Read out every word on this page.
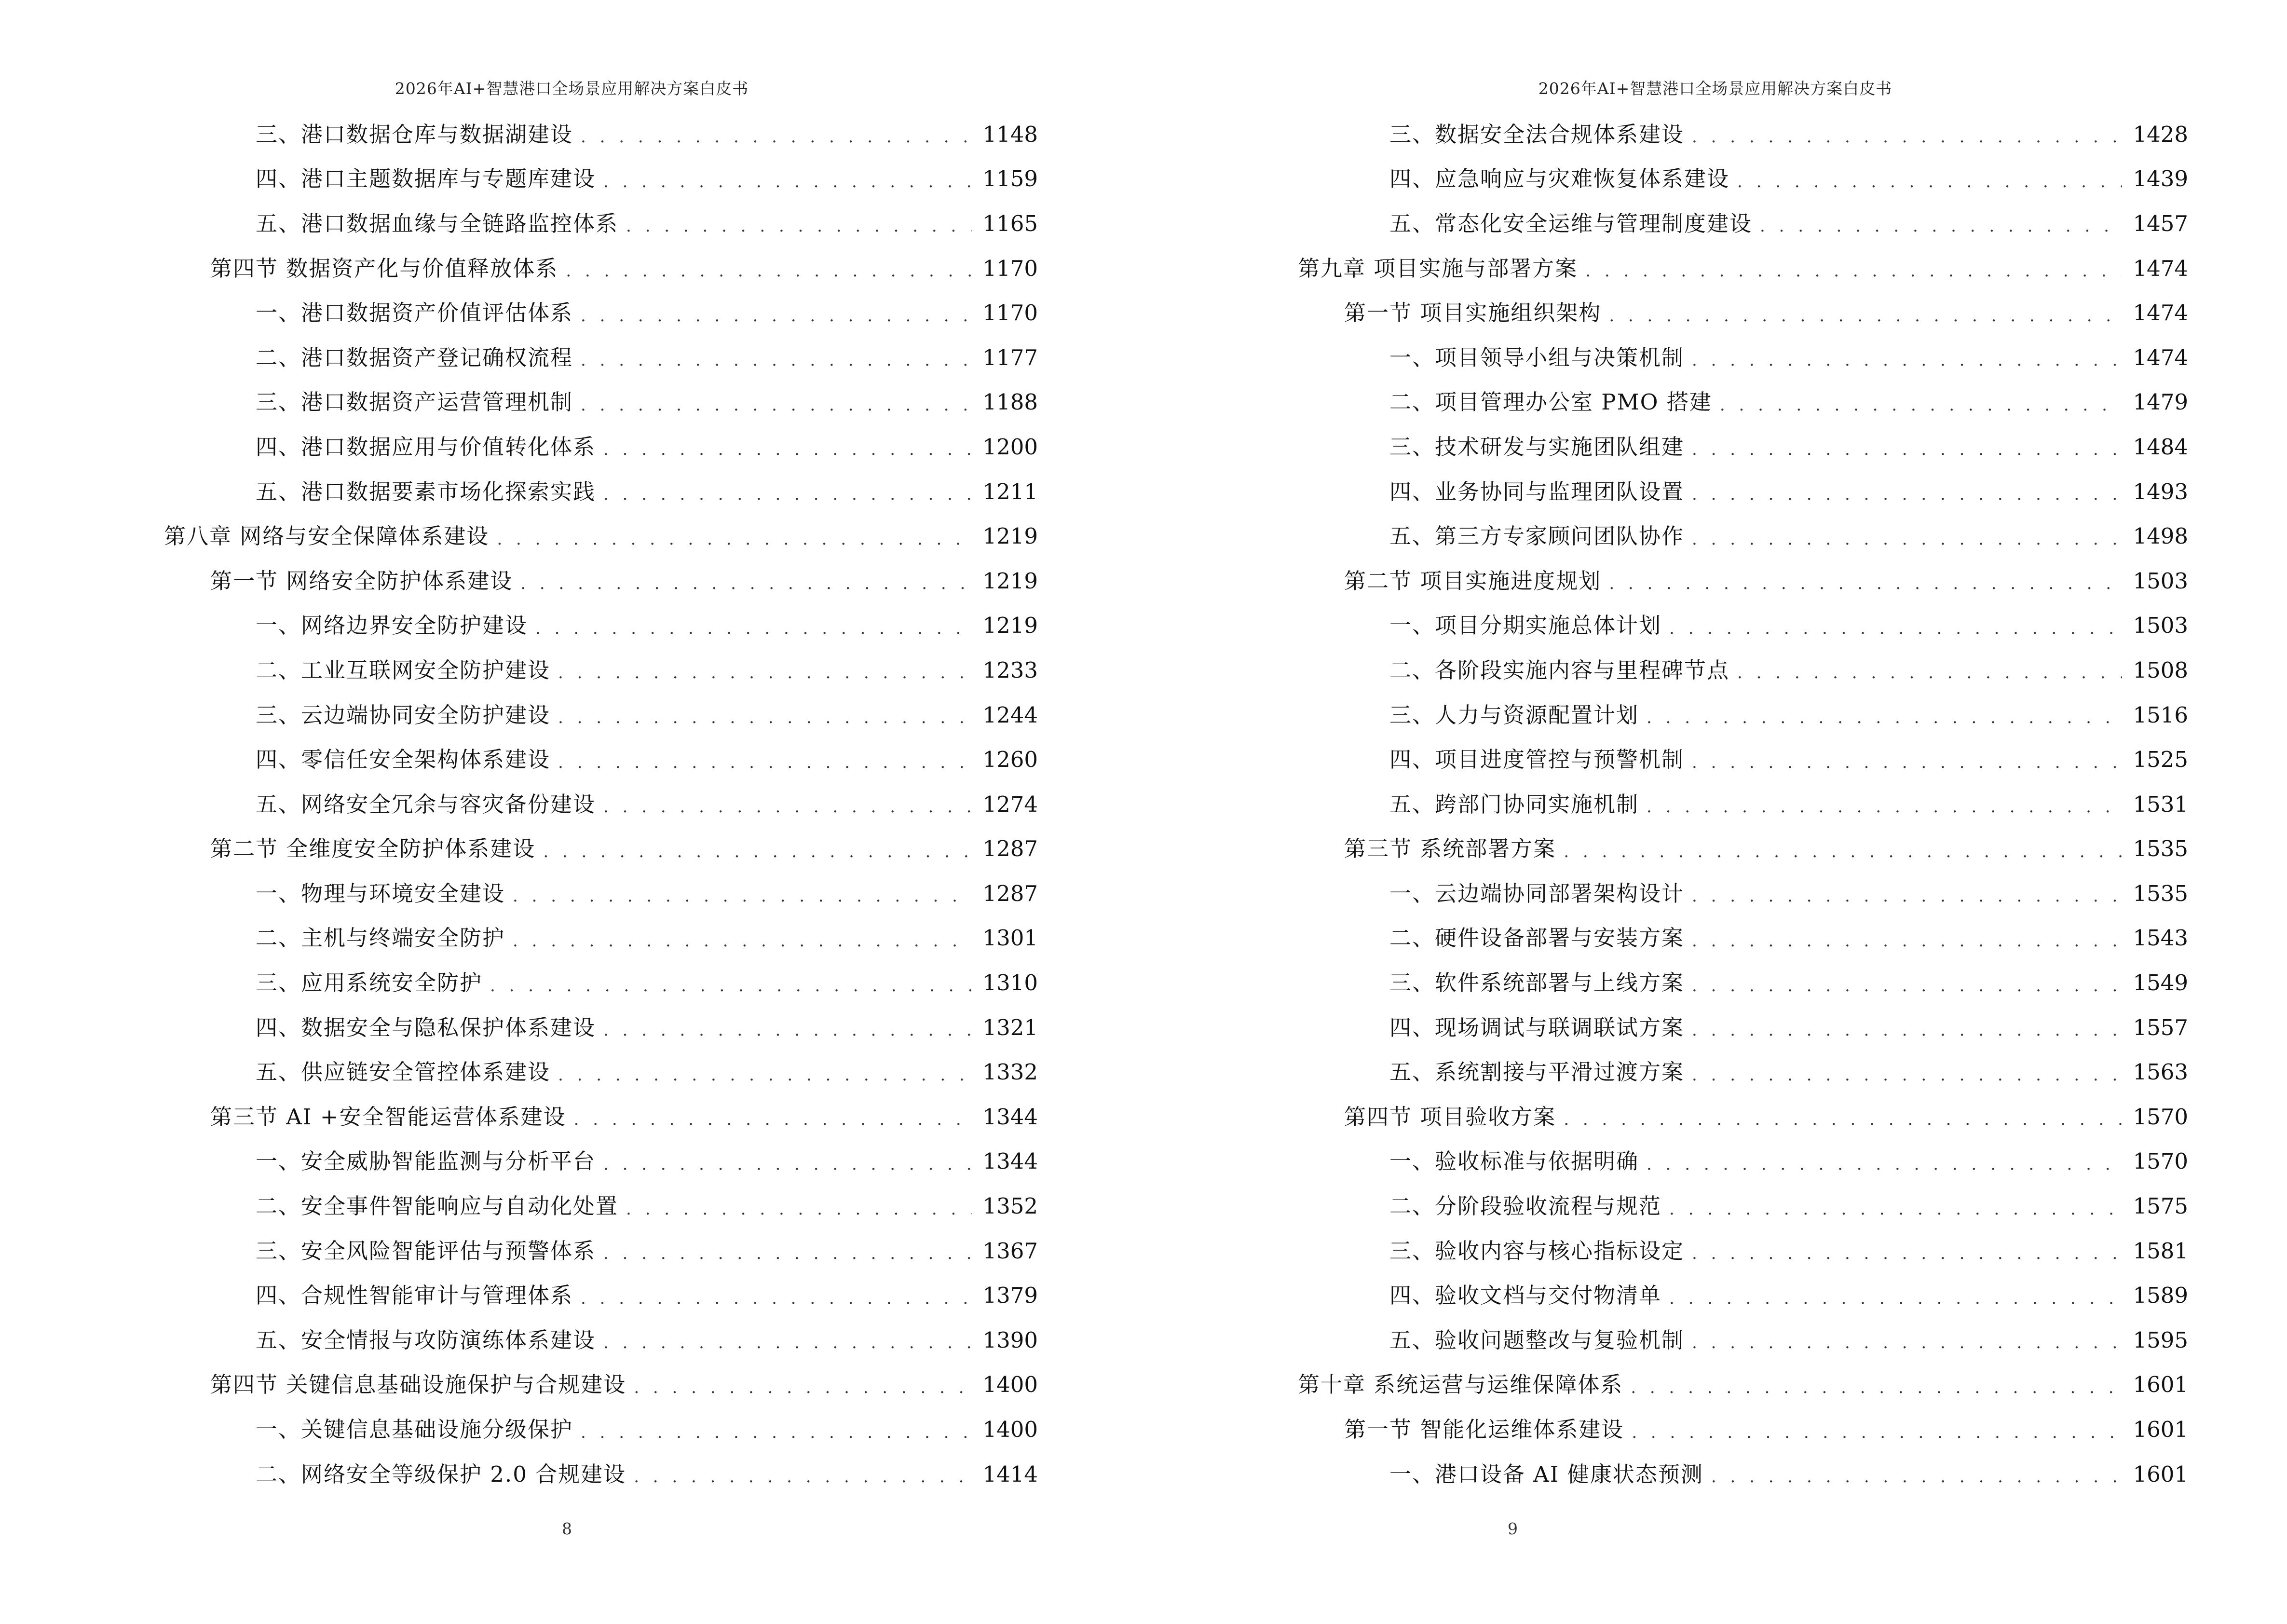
2026年AI+智慧港口全场景应用解决方案白皮书
三、港口数据仓库与数据湖建设 . . .	1148
四、港口主题数据库与专题库建设 . . .	1159
五、港口数据血缘与全链路监控体系 . . .	1165
第四节 数据资产化与价值释放体系 . . .	1170
一、港口数据资产价值评估体系 . . .	1170
二、港口数据资产登记确权流程 . . .	1177
三、港口数据资产运营管理机制 . . .	1188
四、港口数据应用与价值转化体系 . . .	1200
五、港口数据要素市场化探索实践 . . .	1211
第八章 网络与安全保障体系建设 . . .	1219
第一节 网络安全防护体系建设 . . .	1219
一、网络边界安全防护建设 . . .	1219
二、工业互联网安全防护建设 . . .	1233
三、云边端协同安全防护建设 . . .	1244
四、零信任安全架构体系建设 . . .	1260
五、网络安全冗余与容灾备份建设 . . .	1274
第二节 全维度安全防护体系建设 . . .	1287
一、物理与环境安全建设 . . .	1287
二、主机与终端安全防护 . . .	1301
三、应用系统安全防护 . . .	1310
四、数据安全与隐私保护体系建设 . . .	1321
五、供应链安全管控体系建设 . . .	1332
第三节 AI +安全智能运营体系建设 . . .	1344
一、安全威胁智能监测与分析平台 . . .	1344
二、安全事件智能响应与自动化处置 . . .	1352
三、安全风险智能评估与预警体系 . . .	1367
四、合规性智能审计与管理体系 . . .	1379
五、安全情报与攻防演练体系建设 . . .	1390
第四节 关键信息基础设施保护与合规建设 . . .	1400
一、关键信息基础设施分级保护 . . .	1400
二、网络安全等级保护 2.0 合规建设 . . .	1414
8
2026年AI+智慧港口全场景应用解决方案白皮书
三、数据安全法合规体系建设 . . .	1428
四、应急响应与灾难恢复体系建设 . . .	1439
五、常态化安全运维与管理制度建设 . . .	1457
第九章 项目实施与部署方案 . . .	1474
第一节 项目实施组织架构 . . .	1474
一、项目领导小组与决策机制 . . .	1474
二、项目管理办公室 PMO 搭建 . . .	1479
三、技术研发与实施团队组建 . . .	1484
四、业务协同与监理团队设置 . . .	1493
五、第三方专家顾问团队协作 . . .	1498
第二节 项目实施进度规划 . . .	1503
一、项目分期实施总体计划 . . .	1503
二、各阶段实施内容与里程碑节点 . . .	1508
三、人力与资源配置计划 . . .	1516
四、项目进度管控与预警机制 . . .	1525
五、跨部门协同实施机制 . . .	1531
第三节 系统部署方案 . . .	1535
一、云边端协同部署架构设计 . . .	1535
二、硬件设备部署与安装方案 . . .	1543
三、软件系统部署与上线方案 . . .	1549
四、现场调试与联调联试方案 . . .	1557
五、系统割接与平滑过渡方案 . . .	1563
第四节 项目验收方案 . . .	1570
一、验收标准与依据明确 . . .	1570
二、分阶段验收流程与规范 . . .	1575
三、验收内容与核心指标设定 . . .	1581
四、验收文档与交付物清单 . . .	1589
五、验收问题整改与复验机制 . . .	1595
第十章 系统运营与运维保障体系 . . .	1601
第一节 智能化运维体系建设 . . .	1601
一、港口设备 AI 健康状态预测 . . .	1601
9
